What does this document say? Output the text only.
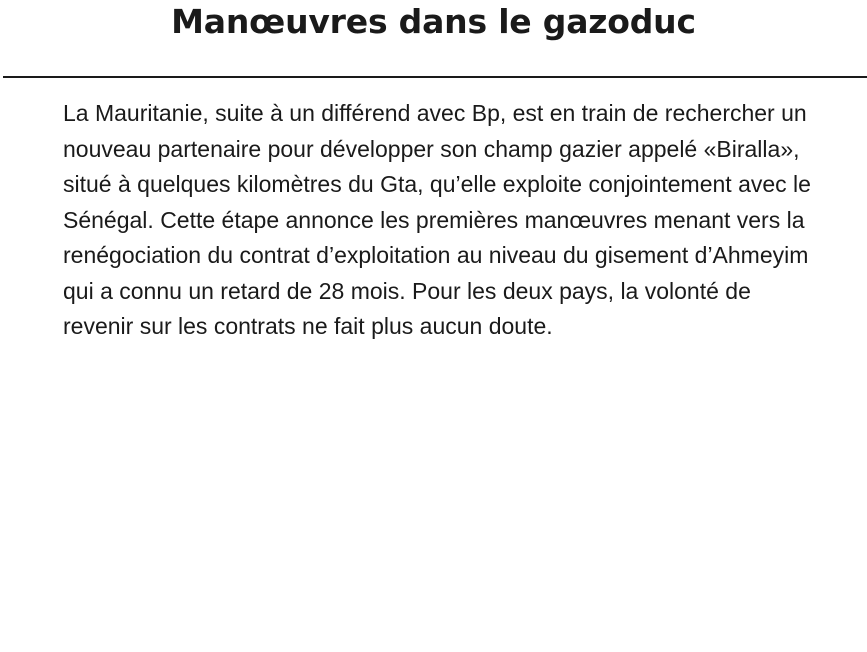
Manœuvres dans le gazoduc

La Mauritanie, suite à un différend avec Bp, est en train de rechercher un nouveau partenaire pour développer son champ gazier appelé «Biralla», situé à quelques kilomètres du Gta, qu’elle exploite conjointement avec le Sénégal. Cette étape annonce les premières manœuvres menant vers la renégociation du contrat d’exploitation au niveau du gisement d’Ahmeyim qui a connu un retard de 28 mois. Pour les deux pays, la volonté de revenir sur les contrats ne fait plus aucun doute.
